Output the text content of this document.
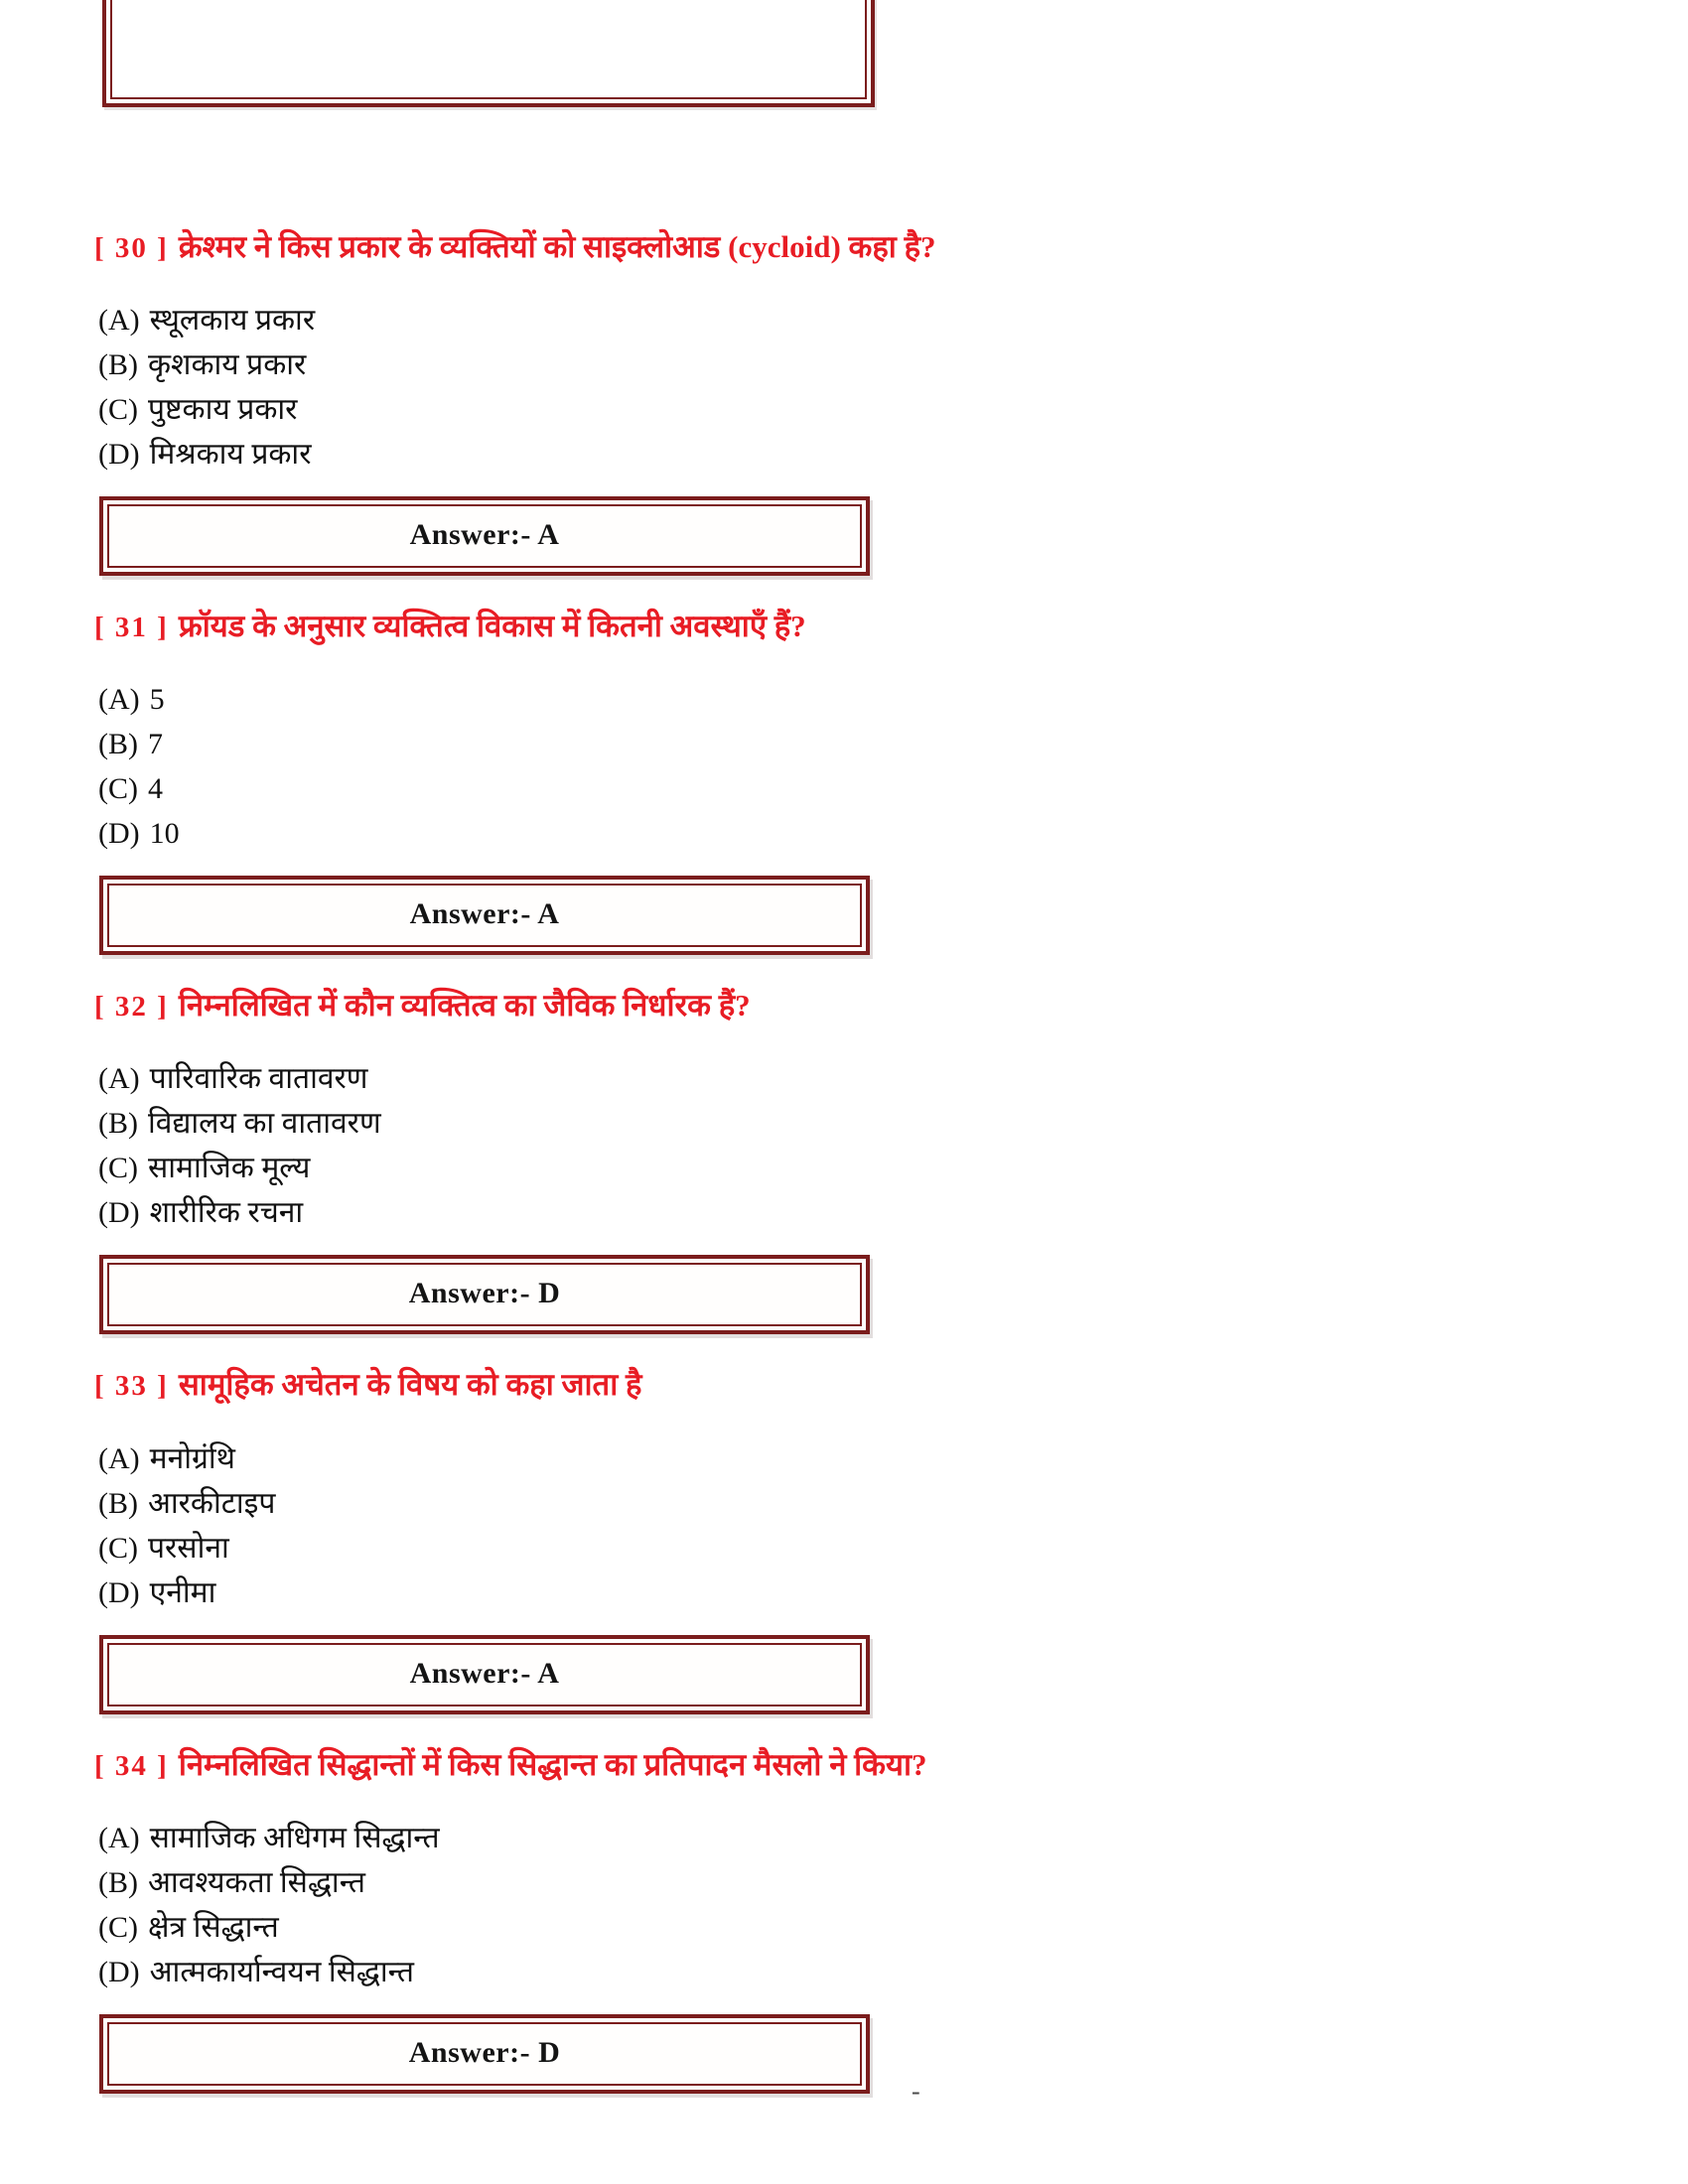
[ 30 ] क्रेश्मर ने किस प्रकार के व्यक्तियों को साइक्लोआड (cycloid) कहा है?
(A) स्थूलकाय प्रकार
(B) कृशकाय प्रकार
(C) पुष्टकाय प्रकार
(D) मिश्रकाय प्रकार
Answer:- A
[ 31 ] फ्रॉयड के अनुसार व्यक्तित्व विकास में कितनी अवस्थाएँ हैं?
(A) 5
(B) 7
(C) 4
(D) 10
Answer:- A
[ 32 ] निम्नलिखित में कौन व्यक्तित्व का जैविक निर्धारक हैं?
(A) पारिवारिक वातावरण
(B) विद्यालय का वातावरण
(C) सामाजिक मूल्य
(D) शारीरिक रचना
Answer:- D
[ 33 ] सामूहिक अचेतन के विषय को कहा जाता है
(A) मनोग्रंथि
(B) आरकीटाइप
(C) परसोना
(D) एनीमा
Answer:- A
[ 34 ] निम्नलिखित सिद्धान्तों में किस सिद्धान्त का प्रतिपादन मैसलो ने किया?
(A) सामाजिक अधिगम सिद्धान्त
(B) आवश्यकता सिद्धान्त
(C) क्षेत्र सिद्धान्त
(D) आत्मकार्यान्वयन सिद्धान्त
Answer:- D
-
